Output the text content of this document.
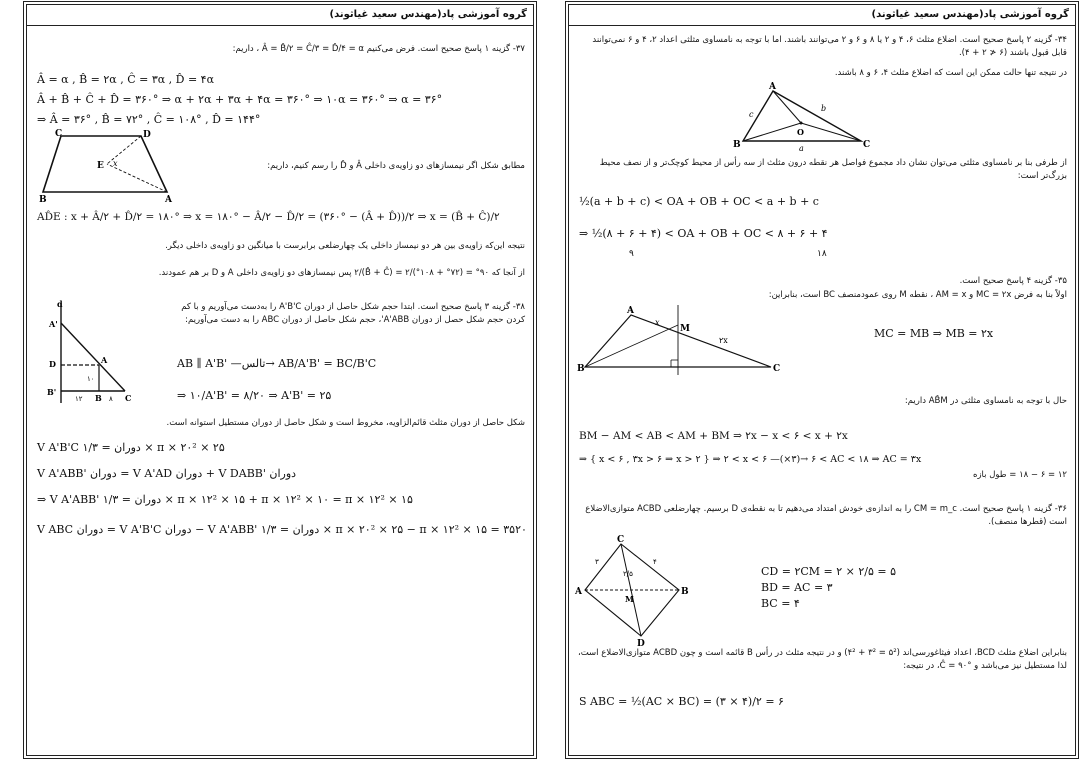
گروه آموزشی پاد(مهندس سعید غیاثوند)
۳۷- گزینه ۱ پاسخ صحیح است. فرض می‌کنیم Â = B̂/۲ = Ĉ/۳ = D̂/۴ = α ، داریم:
Â = α , B̂ = ۲α , Ĉ = ۳α , D̂ = ۴α
Â + B̂ + Ĉ + D̂ = ۳۶۰° ⇒ α + ۲α + ۳α + ۴α = ۳۶۰° ⇒ ۱۰α = ۳۶۰° ⇒ α = ۳۶°
⇒ Â = ۳۶° , B̂ = ۷۲° , Ĉ = ۱۰۸° , D̂ = ۱۴۴°
C	D
B	A
E x	مطابق شکل اگر نیمسازهای دو زاویه‌ی داخلی Â و D̂ را رسم کنیم، داریم:
AD̂E : x + Â/۲ + D̂/۲ = ۱۸۰° ⇒ x = ۱۸۰° − Â/۲ − D̂/۲ = (۳۶۰° − (Â + D̂))/۲ ⇒ x = (B̂ + Ĉ)/۲
نتیجه این‌که زاویه‌ی بین هر دو نیمساز داخلی یک چهارضلعی برابرست با میانگین دو زاویه‌ی داخلی دیگر.
از آنجا که ۹۰° = (۷۲° + ۱۰۸°)/۲ = (B̂ + Ĉ)/۲ پس نیمسازهای دو زاویه‌ی داخلی A و D بر هم عمودند.
d
A'
A
D
B'
B	C
۱۰
۱۲	۸
۳۸- گزینه ۳ پاسخ صحیح است. ابتدا حجم شکل حاصل از دوران A'B'C را به‌دست می‌آوریم و با کم کردن حجم شکل حصل از دوران A'ABB'، حجم شکل حاصل از دوران ABC را به دست می‌آوریم:
AB ∥ A'B' —تالس→ AB/A'B' = BC/B'C
⇒ ۱۰/A'B' = ۸/۲۰ ⇒ A'B' = ۲۵
شکل حاصل از دوران مثلث قائم‌الزاویه، مخروط است و شکل حاصل از دوران مستطیل استوانه است.
V A'B'C دوران = ۱/۳ × π × ۲۰² × ۲۵
V A'ABB' دوران = V A'AD دوران + V DABB' دوران
⇒ V A'ABB' دوران = ۱/۳ × π × ۱۲² × ۱۵ + π × ۱۲² × ۱۰ = π × ۱۲² × ۱۵
V ABC دوران = V A'B'C دوران − V A'ABB' دوران = ۱/۳ × π × ۲۰² × ۲۵ − π × ۱۲² × ۱۵ = ۳۵۲۰
گروه آموزشی پاد(مهندس سعید غیاثوند)
۳۴- گزینه ۲ پاسخ صحیح است. اضلاع مثلث ۶، ۴ و ۲ یا ۸ و ۶ و ۲ می‌توانند باشند. اما با توجه به نامساوی مثلثی اعداد ۲، ۴ و ۶ نمی‌توانند قابل قبول باشند (۶ ≮ ۲ + ۴).
در نتیجه تنها حالت ممکن این است که اضلاع مثلث ۴، ۶ و ۸ باشند.
A
B	C
O
a
b
c
از طرفی بنا بر نامساوی مثلثی می‌توان نشان داد مجموع فواصل هر نقطه درون مثلث از سه رأس از محیط کوچک‌تر و از نصف محیط بزرگ‌تر است:
½(a + b + c) < OA + OB + OC < a + b + c
⇒ ½(۸ + ۶ + ۴) < OA + OB + OC < ۸ + ۶ + ۴
۹	۱۸
۳۵- گزینه ۴ پاسخ صحیح است.
اولاً بنا به فرض MC = ۲x و AM = x ، نقطه M روی عمودمنصف BC است، بنابراین:
A
B	C
M
x
۲x
MC = MB ⇒ MB = ۲x
حال با توجه به نامساوی مثلثی در AB̂M داریم:
BM − AM < AB < AM + BM ⇒ ۲x − x < ۶ < x + ۲x
⇒ { x < ۶ , ۳x > ۶ ⇒ x > ۲ } ⇒ ۲ < x < ۶ —(×۳)→ ۶ < AC < ۱۸ ⇒ AC = ۳x
۱۲ = ۶ − ۱۸ = طول بازه
۳۶- گزینه ۱ پاسخ صحیح است. CM = m_c را به اندازه‌ی خودش امتداد می‌دهیم تا به نقطه‌ی D برسیم. چهارضلعی ACBD متوازی‌الاضلاع است (قطرها منصف).
C
A	B
D
M
۳	۴
۲/۵	CD = ۲CM = ۲ × ۲/۵ = ۵
BD = AC = ۳
BC = ۴
بنابراین اضلاع مثلث BCD، اعداد فیثاغورسی‌اند (۵² = ۳² + ۴²) و در نتیجه مثلث در رأس B قائمه است و چون ACBD متوازی‌الاضلاع است، لذا مستطیل نیز می‌باشد و Ĉ = ۹۰°، در نتیجه:
S ABC = ½(AC × BC) = (۳ × ۴)/۲ = ۶
